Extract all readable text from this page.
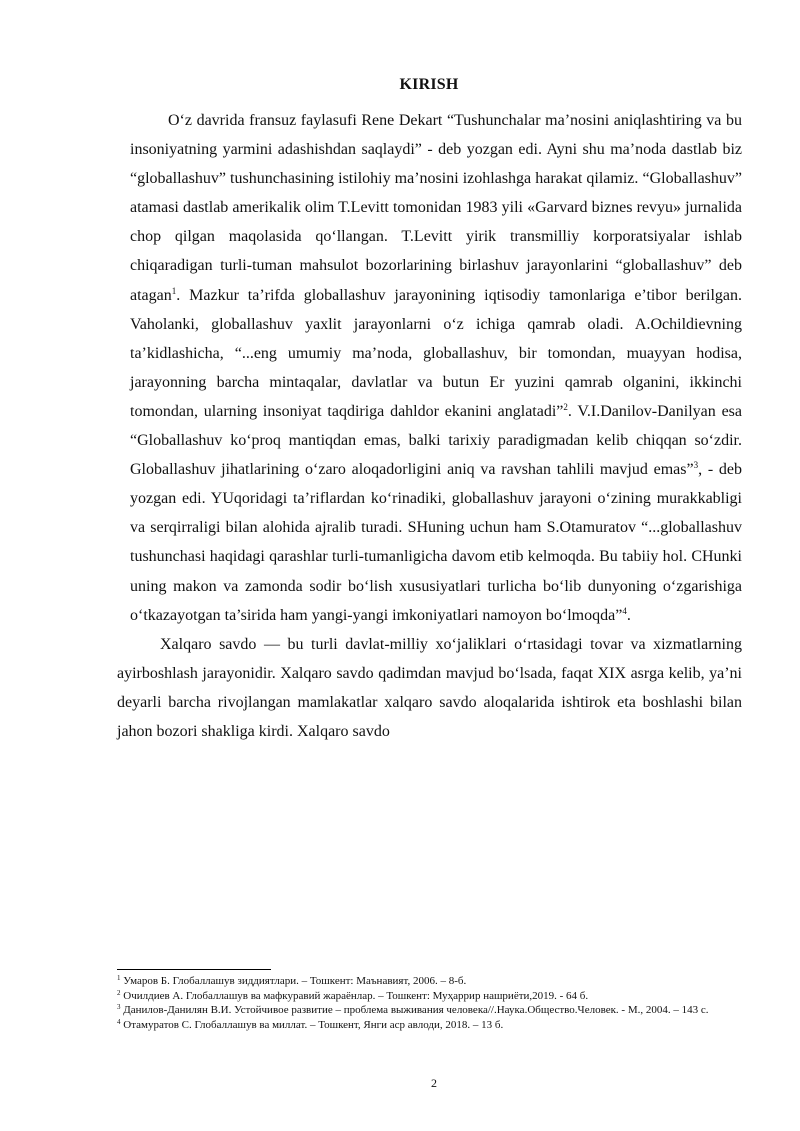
KIRISH

O‘z davrida fransuz faylasufi Rene Dekart “Tushunchalar ma’nosini aniqlashtiring va bu insoniyatning yarmini adashishdan saqlaydi” - deb yozgan edi. Ayni shu ma’noda dastlab biz “globallashuv” tushunchasining istilohiy ma’nosini izohlashga harakat qilamiz. “Globallashuv” atamasi dastlab amerikalik olim T.Levitt tomonidan 1983 yili «Garvard biznes revyu» jurnalida chop qilgan maqolasida qo‘llangan. T.Levitt yirik transmilliy korporatsiyalar ishlab chiqaradigan turli-tuman mahsulot bozorlarining birlashuv jarayonlarini “globallashuv” deb atagan$^1$. Mazkur ta’rifda globallashuv jarayonining iqtisodiy tamonlariga e’tibor berilgan. Vaholanki, globallashuv yaxlit jarayonlarni o‘z ichiga qamrab oladi. A.Ochildievning ta’kidlashicha, “...eng umumiy ma’noda, globallashuv, bir tomondan, muayyan hodisa, jarayonning barcha mintaqalar, davlatlar va butun Er yuzini qamrab olganini, ikkinchi tomondan, ularning insoniyat taqdiriga dahldor ekanini anglatadi”$^2$. V.I.Danilov-Danilyan esa “Globallashuv ko‘proq mantiqdan emas, balki tarixiy paradigmadan kelib chiqqan so‘zdir. Globallashuv jihatlarining o‘zaro aloqadorligini aniq va ravshan tahlili mavjud emas”$^3$, - deb yozgan edi. YUqoridagi ta’riflardan ko‘rinadiki, globallashuv jarayoni o‘zining murakkabligi va serqirraligi bilan alohida ajralib turadi. SHuning uchun ham S.Otamuratov “...globallashuv tushunchasi haqidagi qarashlar turli-tumanligicha davom etib kelmoqda. Bu tabiiy hol. CHunki uning makon va zamonda sodir bo‘lish xususiyatlari turlicha bo‘lib dunyoning o‘zgarishiga o‘tkazayotgan ta’sirida ham yangi-yangi imkoniyatlari namoyon bo‘lmoqda”$^4$.

Xalqaro savdo — bu turli davlat-milliy xo‘jaliklari o‘rtasidagi tovar va xizmatlarning ayirboshlash jarayonidir. Xalqaro savdo qadimdan mavjud bo‘lsada, faqat XIX asrga kelib, ya’ni deyarli barcha rivojlangan mamlakatlar xalqaro savdo aloqalarida ishtirok eta boshlashi bilan jahon bozori shakliga kirdi. Xalqaro savdo

$^1$ Умаров Б. Глобаллашув зиддиятлари. – Тошкент: Маънавият, 2006. – 8-б.

$^2$ Очилдиев А. Глобаллашув ва мафкуравий жараёнлар. – Тошкент: Муҳаррир нашриёти,2019. - 64 б.

$^3$ Данилов-Данилян В.И. Устойчивое развитие – проблема выживания человека//.Наука.Общество.Человек. - М., 2004. – 143 с.

$^4$ Отамуратов С. Глобаллашув ва миллат. – Тошкент, Янги аср авлоди, 2018. – 13 б.

2
